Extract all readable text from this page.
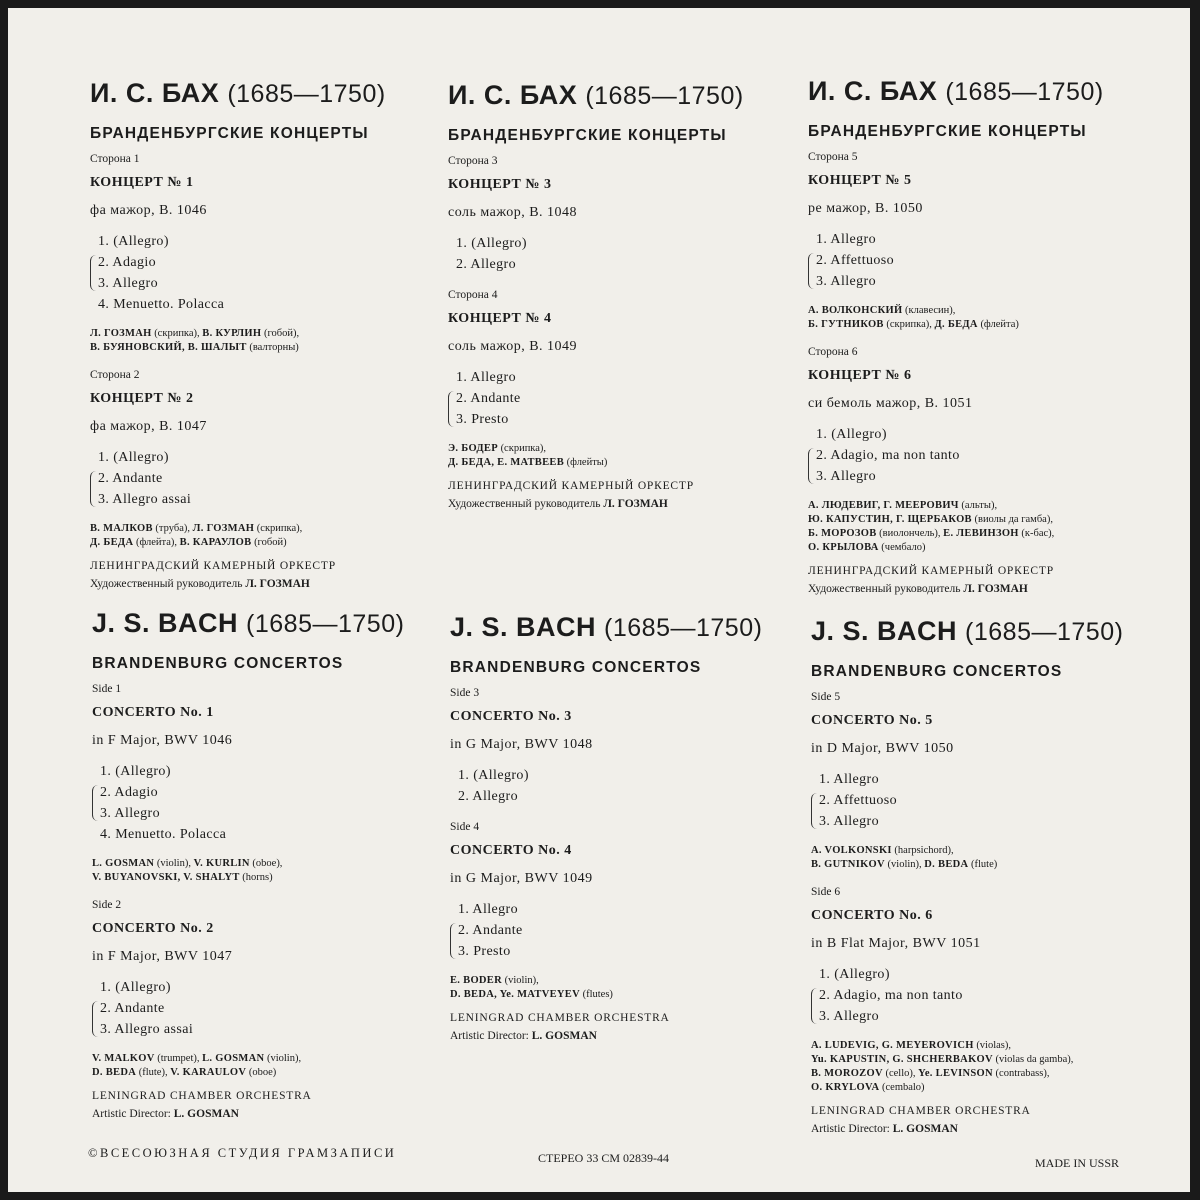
И. С. БАХ (1685—1750)
БРАНДЕНБУРГСКИЕ КОНЦЕРТЫ
Сторона 1
КОНЦЕРТ № 1
фа мажор, B. 1046
1. (Allegro)
2. Adagio
3. Allegro
4. Menuetto. Polacca
Л. ГОЗМАН (скрипка), В. КУРЛИН (гобой),
В. БУЯНОВСКИЙ, В. ШАЛЫТ (валторны)
Сторона 2
КОНЦЕРТ № 2
фа мажор, B. 1047
1. (Allegro)
2. Andante
3. Allegro assai
В. МАЛКОВ (труба), Л. ГОЗМАН (скрипка),
Д. БЕДА (флейта), В. КАРАУЛОВ (гобой)
ЛЕНИНГРАДСКИЙ КАМЕРНЫЙ ОРКЕСТР
Художественный руководитель Л. ГОЗМАН
И. С. БАХ (1685—1750)
БРАНДЕНБУРГСКИЕ КОНЦЕРТЫ
Сторона 3
КОНЦЕРТ № 3
соль мажор, B. 1048
1. (Allegro)
2. Allegro
Сторона 4
КОНЦЕРТ № 4
соль мажор, B. 1049
1. Allegro
2. Andante
3. Presto
Э. БОДЕР (скрипка),
Д. БЕДА, Е. МАТВЕЕВ (флейты)
ЛЕНИНГРАДСКИЙ КАМЕРНЫЙ ОРКЕСТР
Художественный руководитель Л. ГОЗМАН
И. С. БАХ (1685—1750)
БРАНДЕНБУРГСКИЕ КОНЦЕРТЫ
Сторона 5
КОНЦЕРТ № 5
ре мажор, B. 1050
1. Allegro
2. Affettuoso
3. Allegro
А. ВОЛКОНСКИЙ (клавесин),
Б. ГУТНИКОВ (скрипка), Д. БЕДА (флейта)
Сторона 6
КОНЦЕРТ № 6
си бемоль мажор, B. 1051
1. (Allegro)
2. Adagio, ma non tanto
3. Allegro
А. ЛЮДЕВИГ, Г. МЕЕРОВИЧ (альты),
Ю. КАПУСТИН, Г. ЩЕРБАКОВ (виолы да гамба),
Б. МОРОЗОВ (виолончель), Е. ЛЕВИНЗОН (к-бас),
О. КРЫЛОВА (чембало)
ЛЕНИНГРАДСКИЙ КАМЕРНЫЙ ОРКЕСТР
Художественный руководитель Л. ГОЗМАН
J. S. BACH (1685—1750)
BRANDENBURG CONCERTOS
Side 1
CONCERTO No. 1
in F Major, BWV 1046
1. (Allegro)
2. Adagio
3. Allegro
4. Menuetto. Polacca
L. GOSMAN (violin), V. KURLIN (oboe),
V. BUYANOVSKI, V. SHALYT (horns)
Side 2
CONCERTO No. 2
in F Major, BWV 1047
1. (Allegro)
2. Andante
3. Allegro assai
V. MALKOV (trumpet), L. GOSMAN (violin),
D. BEDA (flute), V. KARAULOV (oboe)
LENINGRAD CHAMBER ORCHESTRA
Artistic Director: L. GOSMAN
J. S. BACH (1685—1750)
BRANDENBURG CONCERTOS
Side 3
CONCERTO No. 3
in G Major, BWV 1048
1. (Allegro)
2. Allegro
Side 4
CONCERTO No. 4
in G Major, BWV 1049
1. Allegro
2. Andante
3. Presto
E. BODER (violin),
D. BEDA, Ye. MATVEYEV (flutes)
LENINGRAD CHAMBER ORCHESTRA
Artistic Director: L. GOSMAN
J. S. BACH (1685—1750)
BRANDENBURG CONCERTOS
Side 5
CONCERTO No. 5
in D Major, BWV 1050
1. Allegro
2. Affettuoso
3. Allegro
A. VOLKONSKI (harpsichord),
B. GUTNIKOV (violin), D. BEDA (flute)
Side 6
CONCERTO No. 6
in B Flat Major, BWV 1051
1. (Allegro)
2. Adagio, ma non tanto
3. Allegro
A. LUDEVIG, G. MEYEROVICH (violas),
Yu. KAPUSTIN, G. SHCHERBAKOV (violas da gamba),
B. MOROZOV (cello), Ye. LEVINSON (contrabass),
O. KRYLOVA (cembalo)
LENINGRAD CHAMBER ORCHESTRA
Artistic Director: L. GOSMAN
©ВСЕСОЮЗНАЯ СТУДИЯ ГРАМЗАПИСИ	СТЕРЕО 33 СМ 02839-44	MADE IN USSR
